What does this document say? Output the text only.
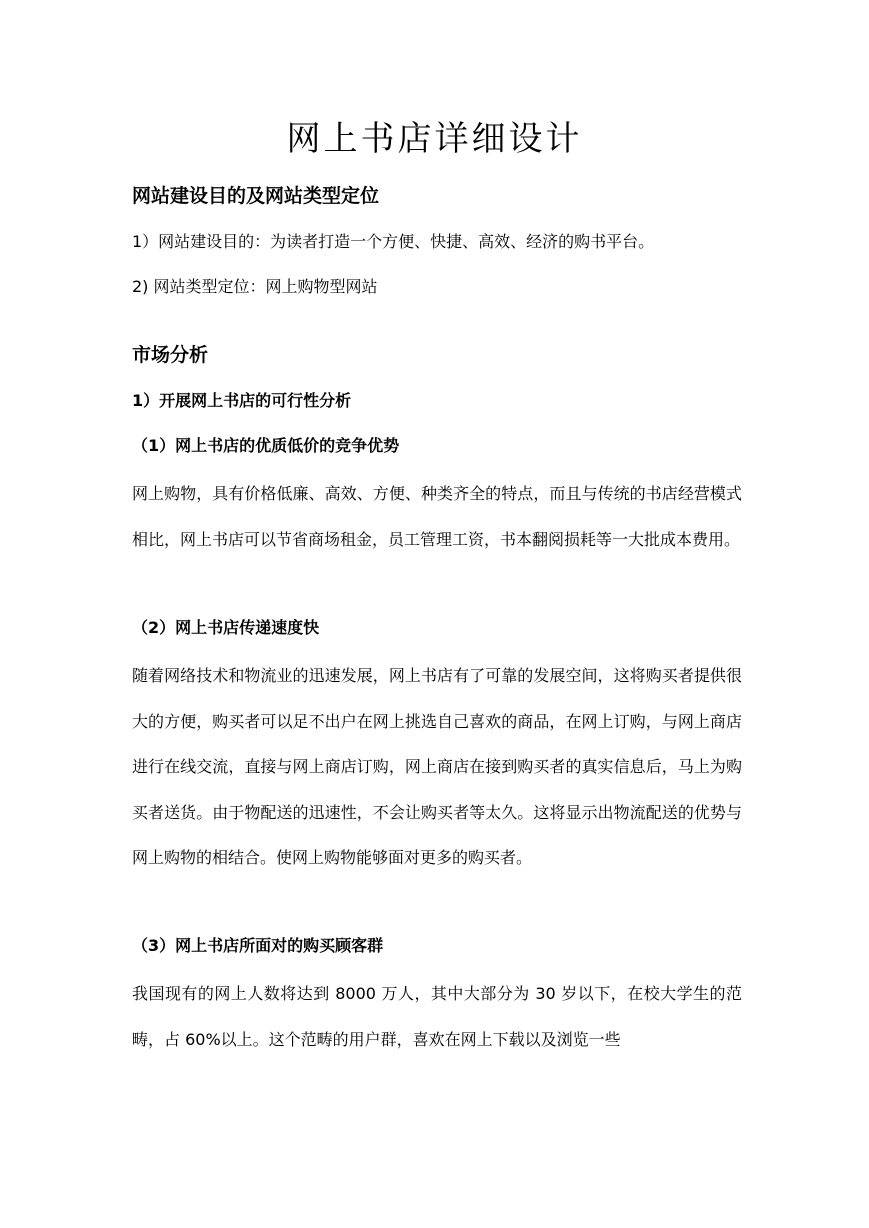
网上书店详细设计
网站建设目的及网站类型定位

1）网站建设目的：为读者打造一个方便、快捷、高效、经济的购书平台。

2) 网站类型定位：网上购物型网站

市场分析
1）开展网上书店的可行性分析
（1）网上书店的优质低价的竞争优势

网上购物，具有价格低廉、高效、方便、种类齐全的特点，而且与传统的书店经营模式相比，网上书店可以节省商场租金，员工管理工资，书本翻阅损耗等一大批成本费用。

（2）网上书店传递速度快

随着网络技术和物流业的迅速发展，网上书店有了可靠的发展空间，这将购买者提供很大的方便，购买者可以足不出户在网上挑选自己喜欢的商品，在网上订购，与网上商店进行在线交流，直接与网上商店订购，网上商店在接到购买者的真实信息后，马上为购买者送货。由于物配送的迅速性，不会让购买者等太久。这将显示出物流配送的优势与网上购物的相结合。使网上购物能够面对更多的购买者。

（3）网上书店所面对的购买顾客群

我国现有的网上人数将达到 8000 万人，其中大部分为 30 岁以下，在校大学生的范畴，占 60%以上。这个范畴的用户群，喜欢在网上下载以及浏览一些
